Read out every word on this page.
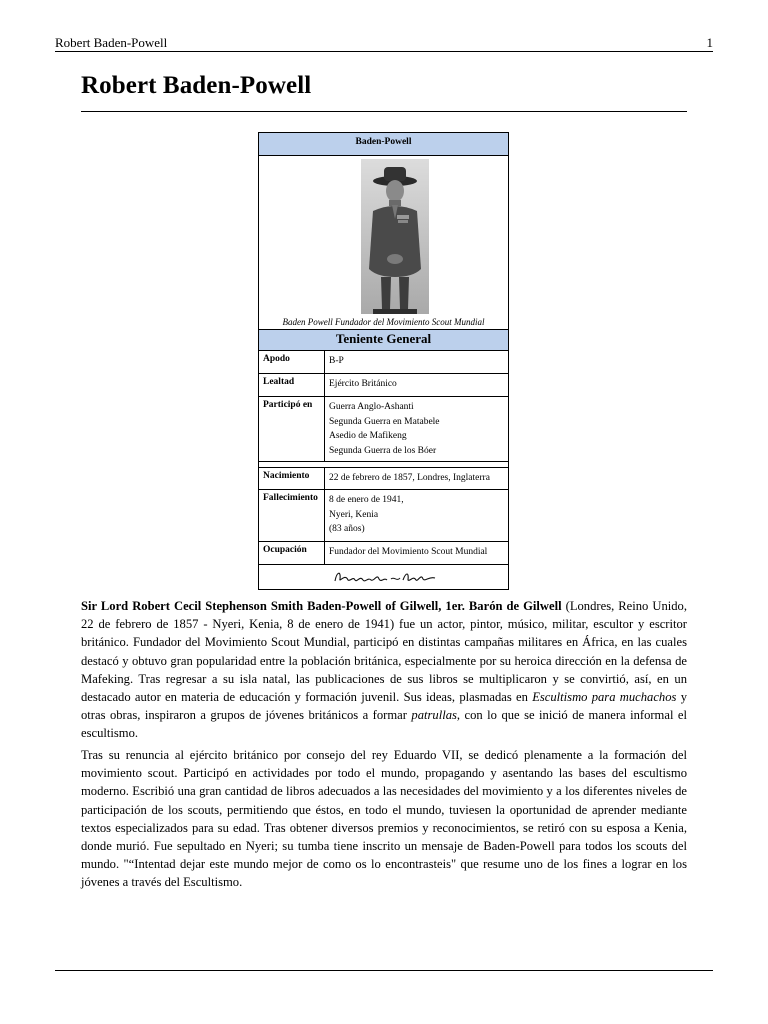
Robert Baden-Powell	1
Robert Baden-Powell
Baden-Powell
Baden Powell Fundador del Movimiento Scout Mundial
Teniente General
Apodo	B-P
Lealtad	Ejército Británico
Participó en	Guerra Anglo-Ashanti
Segunda Guerra en Matabele
Asedio de Mafikeng
Segunda Guerra de los Bóer
Nacimiento	22 de febrero de 1857, Londres, Inglaterra
Fallecimiento	8 de enero de 1941,
Nyeri, Kenia
(83 años)
Ocupación	Fundador del Movimiento Scout Mundial

Sir Lord Robert Cecil Stephenson Smith Baden-Powell of Gilwell, 1er. Barón de Gilwell (Londres, Reino Unido, 22 de febrero de 1857 - Nyeri, Kenia, 8 de enero de 1941) fue un actor, pintor, músico, militar, escultor y escritor británico. Fundador del Movimiento Scout Mundial, participó en distintas campañas militares en África, en las cuales destacó y obtuvo gran popularidad entre la población británica, especialmente por su heroica dirección en la defensa de Mafeking. Tras regresar a su isla natal, las publicaciones de sus libros se multiplicaron y se convirtió, así, en un destacado autor en materia de educación y formación juvenil. Sus ideas, plasmadas en Escultismo para muchachos y otras obras, inspiraron a grupos de jóvenes británicos a formar patrullas, con lo que se inició de manera informal el escultismo.

Tras su renuncia al ejército británico por consejo del rey Eduardo VII, se dedicó plenamente a la formación del movimiento scout. Participó en actividades por todo el mundo, propagando y asentando las bases del escultismo moderno. Escribió una gran cantidad de libros adecuados a las necesidades del movimiento y a los diferentes niveles de participación de los scouts, permitiendo que éstos, en todo el mundo, tuviesen la oportunidad de aprender mediante textos especializados para su edad. Tras obtener diversos premios y reconocimientos, se retiró con su esposa a Kenia, donde murió. Fue sepultado en Nyeri; su tumba tiene inscrito un mensaje de Baden-Powell para todos los scouts del mundo. "“Intentad dejar este mundo mejor de como os lo encontrasteis" que resume uno de los fines a lograr en los jóvenes a través del Escultismo.
